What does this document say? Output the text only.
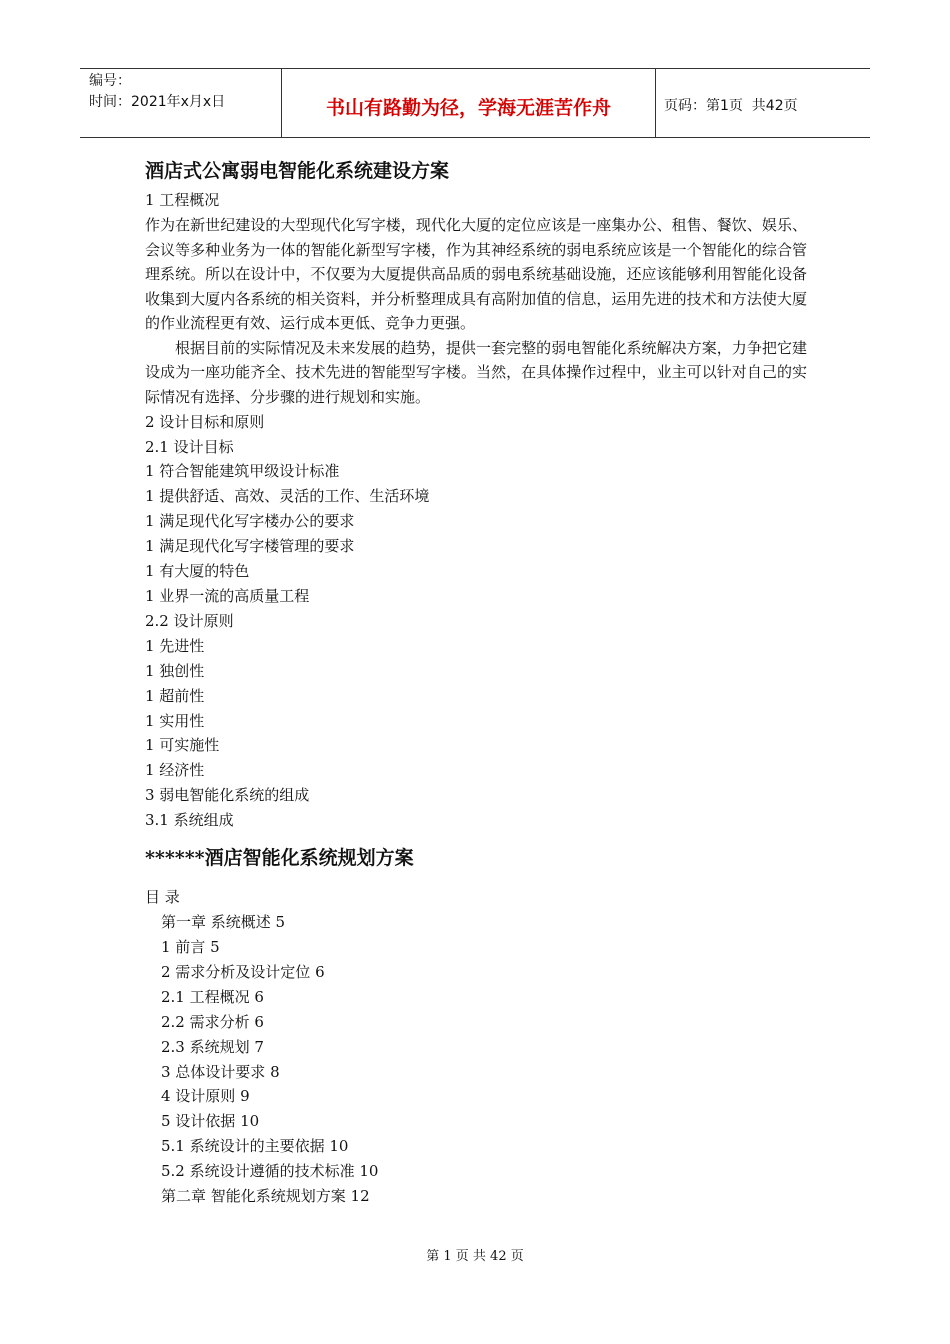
编号：
时间：2021年x月x日	书山有路勤为径，学海无涯苦作舟	页码：第1页  共42页
酒店式公寓弱电智能化系统建设方案

1 工程概况

作为在新世纪建设的大型现代化写字楼，现代化大厦的定位应该是一座集办公、租售、餐饮、娱乐、会议等多种业务为一体的智能化新型写字楼，作为其神经系统的弱电系统应该是一个智能化的综合管理系统。所以在设计中，不仅要为大厦提供高品质的弱电系统基础设施，还应该能够利用智能化设备收集到大厦内各系统的相关资料，并分析整理成具有高附加值的信息，运用先进的技术和方法使大厦的作业流程更有效、运行成本更低、竞争力更强。

根据目前的实际情况及未来发展的趋势，提供一套完整的弱电智能化系统解决方案，力争把它建设成为一座功能齐全、技术先进的智能型写字楼。当然，在具体操作过程中，业主可以针对自己的实际情况有选择、分步骤的进行规划和实施。

2 设计目标和原则

2.1 设计目标

1 符合智能建筑甲级设计标准

1 提供舒适、高效、灵活的工作、生活环境

1 满足现代化写字楼办公的要求

1 满足现代化写字楼管理的要求

1 有大厦的特色

1 业界一流的高质量工程

2.2 设计原则

1 先进性

1 独创性

1 超前性

1 实用性

1 可实施性

1 经济性

3 弱电智能化系统的组成

3.1 系统组成

******酒店智能化系统规划方案

目 录

第一章 系统概述 5

1 前言 5

2 需求分析及设计定位 6

2.1 工程概况 6

2.2 需求分析 6

2.3 系统规划 7

3 总体设计要求 8

4 设计原则 9

5 设计依据 10

5.1 系统设计的主要依据 10

5.2 系统设计遵循的技术标准 10

第二章 智能化系统规划方案 12

第 1 页 共 42 页
